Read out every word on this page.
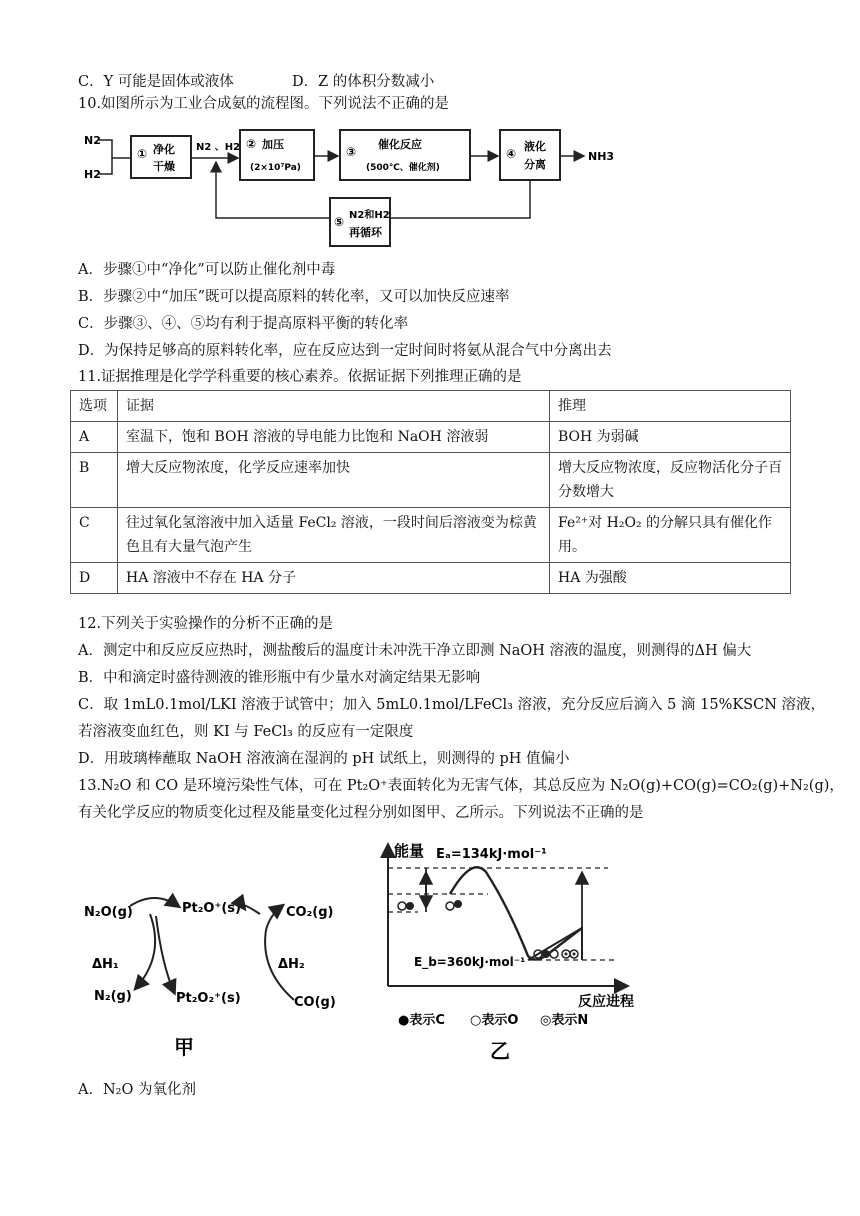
C．Y 可能是固体或液体	D．Z 的体积分数减小
10.如图所示为工业合成氨的流程图。下列说法不正确的是
N2
H2
① 净化
干燥
N2 、H2 ② 加压
(2×10⁷Pa)
③
催化反应
(500℃、催化剂)
④
液化
分离
NH3
⑤ N2和H2
再循环
A．步骤①中“净化”可以防止催化剂中毒
B．步骤②中“加压”既可以提高原料的转化率，又可以加快反应速率
C．步骤③、④、⑤均有利于提高原料平衡的转化率
D．为保持足够高的原料转化率，应在反应达到一定时间时将氨从混合气中分离出去
11.证据推理是化学学科重要的核心素养。依据证据下列推理正确的是
选项	证据	推理
A	室温下，饱和 BOH 溶液的导电能力比饱和 NaOH 溶液弱	BOH 为弱碱
B	增大反应物浓度，化学反应速率加快	增大反应物浓度，反应物活化分子百分数增大
C	往过氧化氢溶液中加入适量 FeCl₂ 溶液，一段时间后溶液变为棕黄色且有大量气泡产生	Fe²⁺对 H₂O₂ 的分解只具有催化作用。
D	HA 溶液中不存在 HA 分子	HA 为强酸
12.下列关于实验操作的分析不正确的是
A．测定中和反应反应热时，测盐酸后的温度计未冲洗干净立即测 NaOH 溶液的温度，则测得的ΔH 偏大
B．中和滴定时盛待测液的锥形瓶中有少量水对滴定结果无影响
C．取 1mL0.1mol/LKI 溶液于试管中；加入 5mL0.1mol/LFeCl₃ 溶液，充分反应后滴入 5 滴 15%KSCN 溶液，
若溶液变血红色，则 KI 与 FeCl₃ 的反应有一定限度
D．用玻璃棒蘸取 NaOH 溶液滴在湿润的 pH 试纸上，则测得的 pH 值偏小
13.N₂O 和 CO 是环境污染性气体，可在 Pt₂O⁺表面转化为无害气体，其总反应为 N₂O(g)+CO(g)=CO₂(g)+N₂(g)，
有关化学反应的物质变化过程及能量变化过程分别如图甲、乙所示。下列说法不正确的是
N₂O(g)	Pt₂O⁺(s)	CO₂(g)
ΔH₁	ΔH₂
N₂(g)	Pt₂O₂⁺(s)	CO(g)
甲
能量 Eₐ=134kJ·mol⁻¹
E_b=360kJ·mol⁻¹
反应进程
●表示C ○表示O ◎表示N
乙
A．N₂O 为氧化剂
